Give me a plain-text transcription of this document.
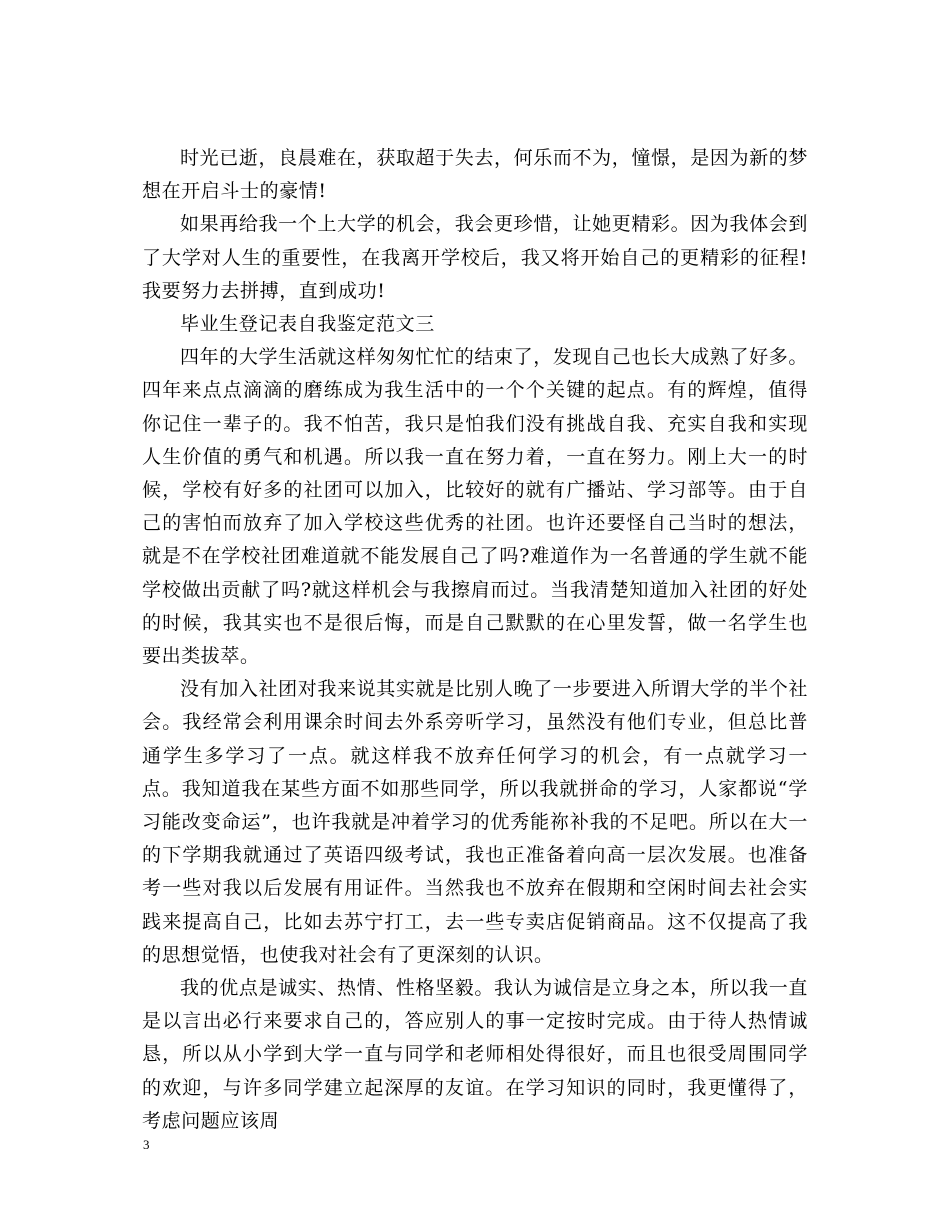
时光已逝，良晨难在，获取超于失去，何乐而不为，憧憬，是因为新的梦想在开启斗士的豪情!

如果再给我一个上大学的机会，我会更珍惜，让她更精彩。因为我体会到了大学对人生的重要性，在我离开学校后，我又将开始自己的更精彩的征程!我要努力去拼搏，直到成功!

毕业生登记表自我鉴定范文三

四年的大学生活就这样匆匆忙忙的结束了，发现自己也长大成熟了好多。四年来点点滴滴的磨练成为我生活中的一个个关键的起点。有的辉煌，值得你记住一辈子的。我不怕苦，我只是怕我们没有挑战自我、充实自我和实现人生价值的勇气和机遇。所以我一直在努力着，一直在努力。刚上大一的时候，学校有好多的社团可以加入，比较好的就有广播站、学习部等。由于自己的害怕而放弃了加入学校这些优秀的社团。也许还要怪自己当时的想法，就是不在学校社团难道就不能发展自己了吗?难道作为一名普通的学生就不能学校做出贡献了吗?就这样机会与我擦肩而过。当我清楚知道加入社团的好处的时候，我其实也不是很后悔，而是自己默默的在心里发誓，做一名学生也要出类拔萃。

没有加入社团对我来说其实就是比别人晚了一步要进入所谓大学的半个社会。我经常会利用课余时间去外系旁听学习，虽然没有他们专业，但总比普通学生多学习了一点。就这样我不放弃任何学习的机会，有一点就学习一点。我知道我在某些方面不如那些同学，所以我就拼命的学习，人家都说“学习能改变命运”，也许我就是冲着学习的优秀能祢补我的不足吧。所以在大一的下学期我就通过了英语四级考试，我也正准备着向高一层次发展。也准备考一些对我以后发展有用证件。当然我也不放弃在假期和空闲时间去社会实践来提高自己，比如去苏宁打工，去一些专卖店促销商品。这不仅提高了我的思想觉悟，也使我对社会有了更深刻的认识。

我的优点是诚实、热情、性格坚毅。我认为诚信是立身之本，所以我一直是以言出必行来要求自己的，答应别人的事一定按时完成。由于待人热情诚恳，所以从小学到大学一直与同学和老师相处得很好，而且也很受周围同学的欢迎，与许多同学建立起深厚的友谊。在学习知识的同时，我更懂得了，考虑问题应该周

3
